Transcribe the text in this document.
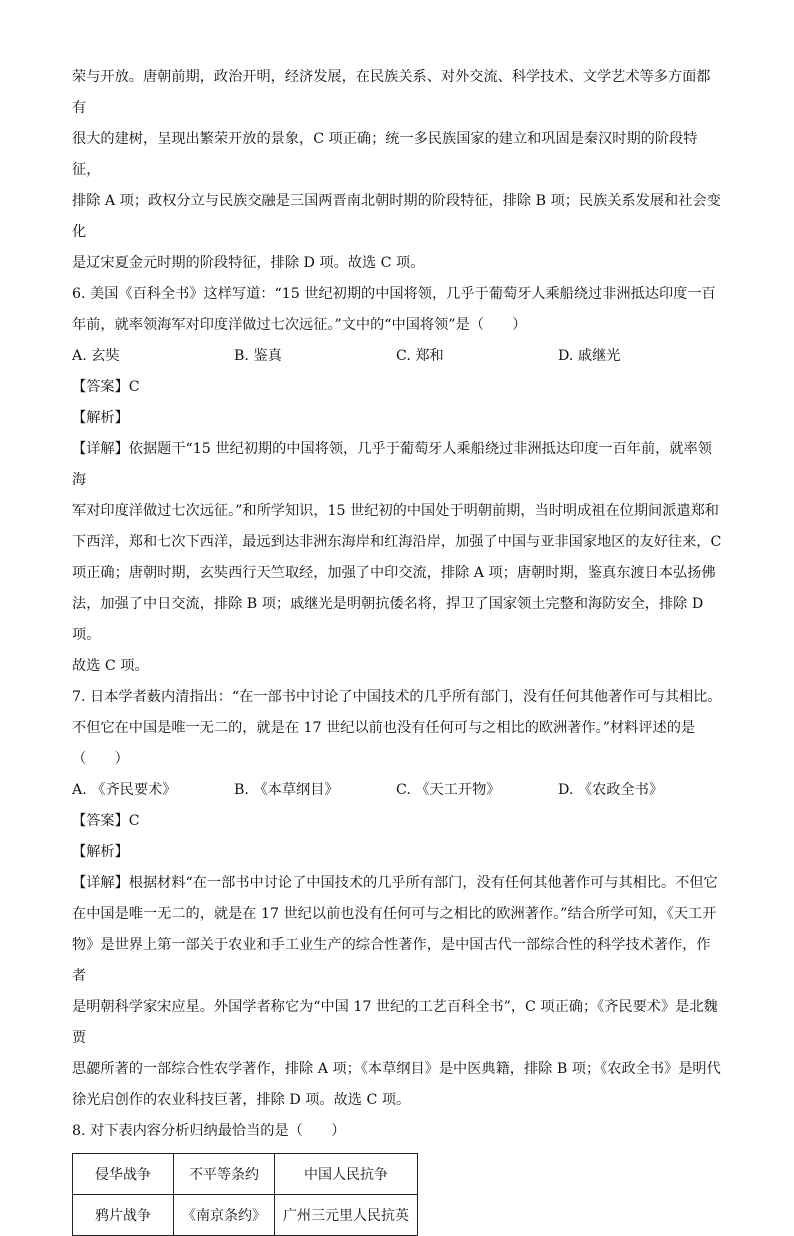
荣与开放。唐朝前期，政治开明，经济发展，在民族关系、对外交流、科学技术、文学艺术等多方面都有

很大的建树，呈现出繁荣开放的景象，C 项正确；统一多民族国家的建立和巩固是秦汉时期的阶段特征，

排除 A 项；政权分立与民族交融是三国两晋南北朝时期的阶段特征，排除 B 项；民族关系发展和社会变化

是辽宋夏金元时期的阶段特征，排除 D 项。故选 C 项。

6. 美国《百科全书》这样写道：“15 世纪初期的中国将领，几乎于葡萄牙人乘船绕过非洲抵达印度一百

年前，就率领海军对印度洋做过七次远征。”文中的“中国将领”是（　　）

A. 玄奘	B. 鉴真	C. 郑和	D. 戚继光

【答案】C

【解析】

【详解】依据题干“15 世纪初期的中国将领，几乎于葡萄牙人乘船绕过非洲抵达印度一百年前，就率领海

军对印度洋做过七次远征。”和所学知识，15 世纪初的中国处于明朝前期，当时明成祖在位期间派遣郑和

下西洋，郑和七次下西洋，最远到达非洲东海岸和红海沿岸，加强了中国与亚非国家地区的友好往来，C

项正确；唐朝时期，玄奘西行天竺取经，加强了中印交流，排除 A 项；唐朝时期，鉴真东渡日本弘扬佛

法，加强了中日交流，排除 B 项；戚继光是明朝抗倭名将，捍卫了国家领土完整和海防安全，排除 D 项。

故选 C 项。

7. 日本学者薮内清指出：“在一部书中讨论了中国技术的几乎所有部门，没有任何其他著作可与其相比。

不但它在中国是唯一无二的，就是在 17 世纪以前也没有任何可与之相比的欧洲著作。”材料评述的是

（　　）

A. 《齐民要术》	B. 《本草纲目》	C. 《天工开物》	D. 《农政全书》

【答案】C

【解析】

【详解】根据材料“在一部书中讨论了中国技术的几乎所有部门，没有任何其他著作可与其相比。不但它

在中国是唯一无二的，就是在 17 世纪以前也没有任何可与之相比的欧洲著作。”结合所学可知，《天工开

物》是世界上第一部关于农业和手工业生产的综合性著作，是中国古代一部综合性的科学技术著作，作者

是明朝科学家宋应星。外国学者称它为“中国 17 世纪的工艺百科全书”，C 项正确；《齐民要术》是北魏贾

思勰所著的一部综合性农学著作，排除 A 项；《本草纲目》是中医典籍，排除 B 项；《农政全书》是明代

徐光启创作的农业科技巨著，排除 D 项。故选 C 项。

8. 对下表内容分析归纳最恰当的是（　　）

侵华战争	不平等条约	中国人民抗争
鸦片战争	《南京条约》	广州三元里人民抗英
